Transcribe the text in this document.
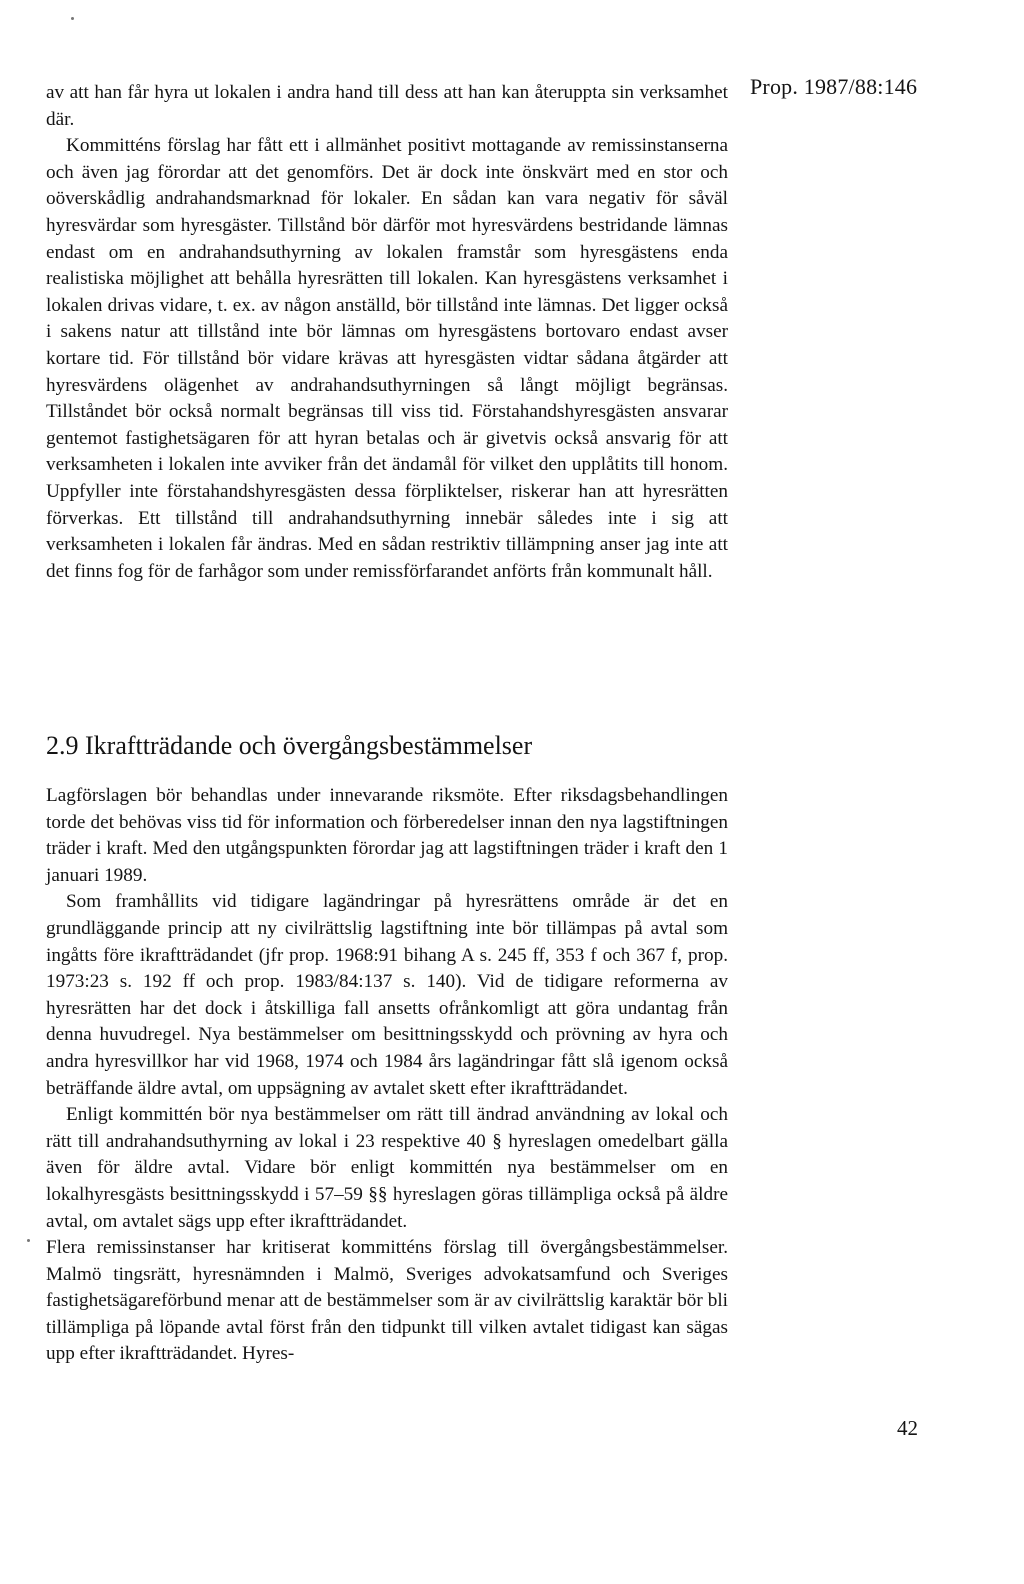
Prop. 1987/88:146

av att han får hyra ut lokalen i andra hand till dess att han kan återuppta sin verksamhet där.

Kommitténs förslag har fått ett i allmänhet positivt mottagande av remissinstanserna och även jag förordar att det genomförs. Det är dock inte önskvärt med en stor och oöverskådlig andrahandsmarknad för lokaler. En sådan kan vara negativ för såväl hyresvärdar som hyresgäster. Tillstånd bör därför mot hyresvärdens bestridande lämnas endast om en andrahandsuthyrning av lokalen framstår som hyresgästens enda realistiska möjlighet att behålla hyresrätten till lokalen. Kan hyresgästens verksamhet i lokalen drivas vidare, t. ex. av någon anställd, bör tillstånd inte lämnas. Det ligger också i sakens natur att tillstånd inte bör lämnas om hyresgästens bortovaro endast avser kortare tid. För tillstånd bör vidare krävas att hyresgästen vidtar sådana åtgärder att hyresvärdens olägenhet av andrahandsuthyrningen så långt möjligt begränsas. Tillståndet bör också normalt begränsas till viss tid. Förstahandshyresgästen ansvarar gentemot fastighetsägaren för att hyran betalas och är givetvis också ansvarig för att verksamheten i lokalen inte avviker från det ändamål för vilket den upplåtits till honom. Uppfyller inte förstahandshyresgästen dessa förpliktelser, riskerar han att hyresrätten förverkas. Ett tillstånd till andrahandsuthyrning innebär således inte i sig att verksamheten i lokalen får ändras. Med en sådan restriktiv tillämpning anser jag inte att det finns fog för de farhågor som under remissförfarandet anförts från kommunalt håll.

2.9 Ikraftträdande och övergångsbestämmelser

Lagförslagen bör behandlas under innevarande riksmöte. Efter riksdagsbehandlingen torde det behövas viss tid för information och förberedelser innan den nya lagstiftningen träder i kraft. Med den utgångspunkten förordar jag att lagstiftningen träder i kraft den 1 januari 1989.

Som framhållits vid tidigare lagändringar på hyresrättens område är det en grundläggande princip att ny civilrättslig lagstiftning inte bör tillämpas på avtal som ingåtts före ikraftträdandet (jfr prop. 1968:91 bihang A s. 245 ff, 353 f och 367 f, prop. 1973:23 s. 192 ff och prop. 1983/84:137 s. 140). Vid de tidigare reformerna av hyresrätten har det dock i åtskilliga fall ansetts ofrånkomligt att göra undantag från denna huvudregel. Nya bestämmelser om besittningsskydd och prövning av hyra och andra hyresvillkor har vid 1968, 1974 och 1984 års lagändringar fått slå igenom också beträffande äldre avtal, om uppsägning av avtalet skett efter ikraftträdandet.

Enligt kommittén bör nya bestämmelser om rätt till ändrad användning av lokal och rätt till andrahandsuthyrning av lokal i 23 respektive 40 § hyreslagen omedelbart gälla även för äldre avtal. Vidare bör enligt kommittén nya bestämmelser om en lokalhyresgästs besittningsskydd i 57–59 §§ hyreslagen göras tillämpliga också på äldre avtal, om avtalet sägs upp efter ikraftträdandet.

Flera remissinstanser har kritiserat kommitténs förslag till övergångsbestämmelser. Malmö tingsrätt, hyresnämnden i Malmö, Sveriges advokatsamfund och Sveriges fastighetsägareförbund menar att de bestämmelser som är av civilrättslig karaktär bör bli tillämpliga på löpande avtal först från den tidpunkt till vilken avtalet tidigast kan sägas upp efter ikraftträdandet. Hyres-

42
